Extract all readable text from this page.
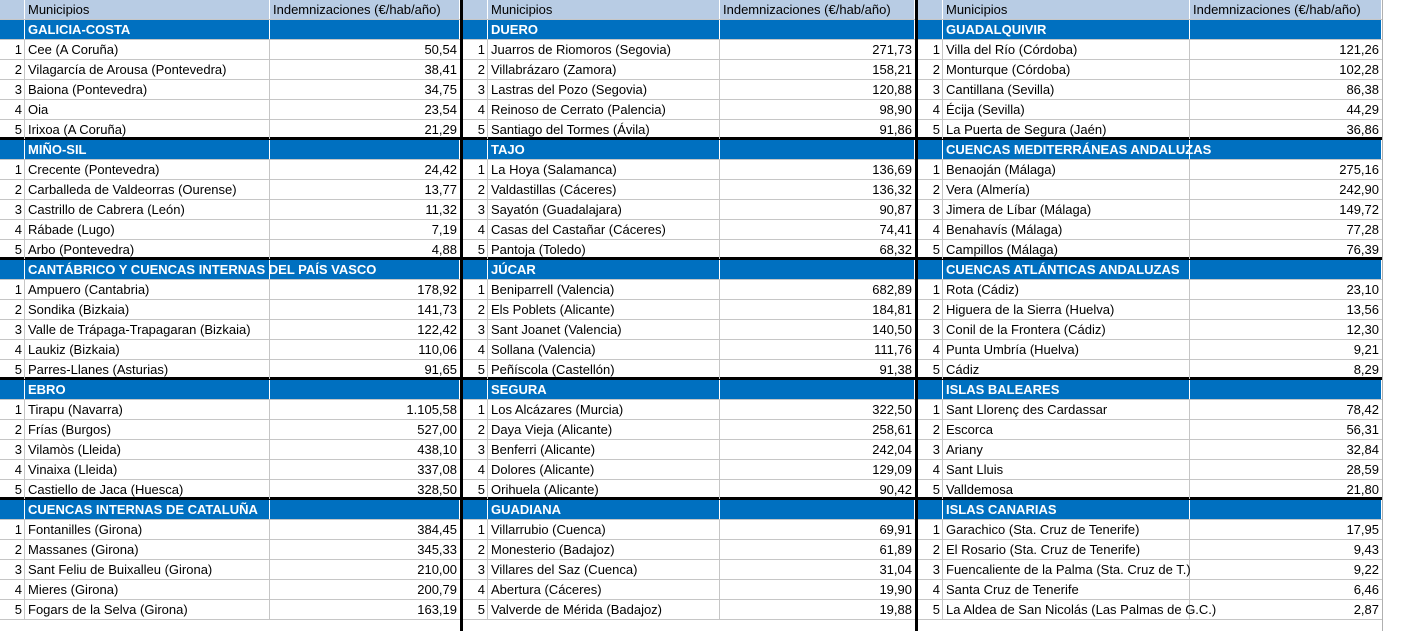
Municipios	Indemnizaciones (€/hab/año)
GALICIA-COSTA
1 Cee (A Coruña)	50,54
2 Vilagarcía de Arousa (Pontevedra)	38,41
3 Baiona (Pontevedra)	34,75
4 Oia	23,54
5 Irixoa (A Coruña)	21,29
MIÑO-SIL
1 Crecente (Pontevedra)	24,42
2 Carballeda de Valdeorras (Ourense)	13,77
3 Castrillo de Cabrera (León)	11,32
4 Rábade (Lugo)	7,19
5 Arbo (Pontevedra)	4,88
CANTÁBRICO Y CUENCAS INTERNAS DEL PAÍS VASCO
1 Ampuero (Cantabria)	178,92
2 Sondika (Bizkaia)	141,73
3 Valle de Trápaga-Trapagaran (Bizkaia)	122,42
4 Laukiz (Bizkaia)	110,06
5 Parres-Llanes (Asturias)	91,65
EBRO
1 Tirapu (Navarra)	1.105,58
2 Frías (Burgos)	527,00
3 Vilamòs (Lleida)	438,10
4 Vinaixa (Lleida)	337,08
5 Castiello de Jaca (Huesca)	328,50
CUENCAS INTERNAS DE CATALUÑA
1 Fontanilles (Girona)	384,45
2 Massanes (Girona)	345,33
3 Sant Feliu de Buixalleu (Girona)	210,00
4 Mieres (Girona)	200,79
5 Fogars de la Selva (Girona)	163,19
Municipios	Indemnizaciones (€/hab/año)
DUERO
1 Juarros de Riomoros (Segovia)	271,73
2 Villabrázaro (Zamora)	158,21
3 Lastras del Pozo (Segovia)	120,88
4 Reinoso de Cerrato (Palencia)	98,90
5 Santiago del Tormes (Ávila)	91,86
TAJO
1 La Hoya (Salamanca)	136,69
2 Valdastillas (Cáceres)	136,32
3 Sayatón (Guadalajara)	90,87
4 Casas del Castañar (Cáceres)	74,41
5 Pantoja (Toledo)	68,32
JÚCAR
1 Beniparrell (Valencia)	682,89
2 Els Poblets (Alicante)	184,81
3 Sant Joanet (Valencia)	140,50
4 Sollana (Valencia)	111,76
5 Peñíscola (Castellón)	91,38
SEGURA
1 Los Alcázares (Murcia)	322,50
2 Daya Vieja (Alicante)	258,61
3 Benferri (Alicante)	242,04
4 Dolores (Alicante)	129,09
5 Orihuela (Alicante)	90,42
GUADIANA
1 Villarrubio (Cuenca)	69,91
2 Monesterio (Badajoz)	61,89
3 Villares del Saz (Cuenca)	31,04
4 Abertura (Cáceres)	19,90
5 Valverde de Mérida (Badajoz)	19,88
Municipios	Indemnizaciones (€/hab/año)
GUADALQUIVIR
1 Villa del Río (Córdoba)	121,26
2 Monturque (Córdoba)	102,28
3 Cantillana (Sevilla)	86,38
4 Écija (Sevilla)	44,29
5 La Puerta de Segura (Jaén)	36,86
CUENCAS MEDITERRÁNEAS ANDALUZAS
1 Benaoján (Málaga)	275,16
2 Vera (Almería)	242,90
3 Jimera de Líbar (Málaga)	149,72
4 Benahavís (Málaga)	77,28
5 Campillos (Málaga)	76,39
CUENCAS ATLÁNTICAS ANDALUZAS
1 Rota (Cádiz)	23,10
2 Higuera de la Sierra (Huelva)	13,56
3 Conil de la Frontera (Cádiz)	12,30
4 Punta Umbría (Huelva)	9,21
5 Cádiz	8,29
ISLAS BALEARES
1 Sant Llorenç des Cardassar	78,42
2 Escorca	56,31
3 Ariany	32,84
4 Sant Lluis	28,59
5 Valldemosa	21,80
ISLAS CANARIAS
1 Garachico (Sta. Cruz de Tenerife)	17,95
2 El Rosario (Sta. Cruz de Tenerife)	9,43
3 Fuencaliente de la Palma (Sta. Cruz de T.)	9,22
4 Santa Cruz de Tenerife	6,46
5 La Aldea de San Nicolás (Las Palmas de G.C.)	2,87
